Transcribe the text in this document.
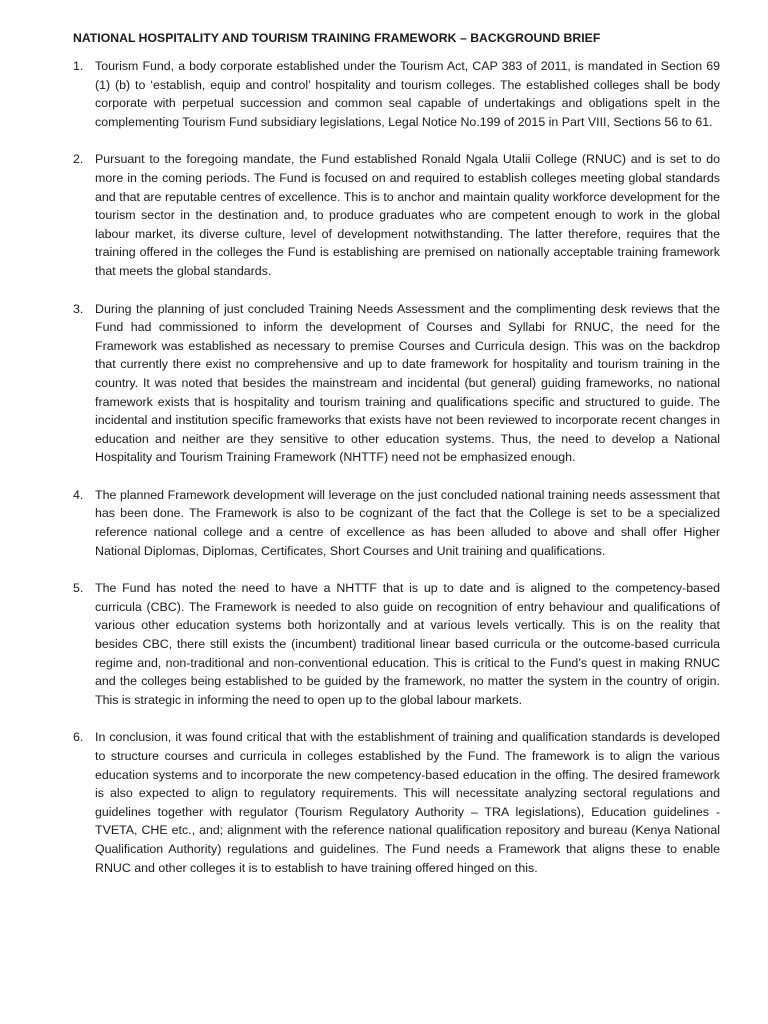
NATIONAL HOSPITALITY AND TOURISM TRAINING FRAMEWORK – BACKGROUND BRIEF
1. Tourism Fund, a body corporate established under the Tourism Act, CAP 383 of 2011, is mandated in Section 69 (1) (b) to ‘establish, equip and control’ hospitality and tourism colleges. The established colleges shall be body corporate with perpetual succession and common seal capable of undertakings and obligations spelt in the complementing Tourism Fund subsidiary legislations, Legal Notice No.199 of 2015 in Part VIII, Sections 56 to 61.
2. Pursuant to the foregoing mandate, the Fund established Ronald Ngala Utalii College (RNUC) and is set to do more in the coming periods. The Fund is focused on and required to establish colleges meeting global standards and that are reputable centres of excellence. This is to anchor and maintain quality workforce development for the tourism sector in the destination and, to produce graduates who are competent enough to work in the global labour market, its diverse culture, level of development notwithstanding. The latter therefore, requires that the training offered in the colleges the Fund is establishing are premised on nationally acceptable training framework that meets the global standards.
3. During the planning of just concluded Training Needs Assessment and the complimenting desk reviews that the Fund had commissioned to inform the development of Courses and Syllabi for RNUC, the need for the Framework was established as necessary to premise Courses and Curricula design. This was on the backdrop that currently there exist no comprehensive and up to date framework for hospitality and tourism training in the country. It was noted that besides the mainstream and incidental (but general) guiding frameworks, no national framework exists that is hospitality and tourism training and qualifications specific and structured to guide. The incidental and institution specific frameworks that exists have not been reviewed to incorporate recent changes in education and neither are they sensitive to other education systems. Thus, the need to develop a National Hospitality and Tourism Training Framework (NHTTF) need not be emphasized enough.
4. The planned Framework development will leverage on the just concluded national training needs assessment that has been done. The Framework is also to be cognizant of the fact that the College is set to be a specialized reference national college and a centre of excellence as has been alluded to above and shall offer Higher National Diplomas, Diplomas, Certificates, Short Courses and Unit training and qualifications.
5. The Fund has noted the need to have a NHTTF that is up to date and is aligned to the competency-based curricula (CBC). The Framework is needed to also guide on recognition of entry behaviour and qualifications of various other education systems both horizontally and at various levels vertically. This is on the reality that besides CBC, there still exists the (incumbent) traditional linear based curricula or the outcome-based curricula regime and, non-traditional and non-conventional education. This is critical to the Fund’s quest in making RNUC and the colleges being established to be guided by the framework, no matter the system in the country of origin. This is strategic in informing the need to open up to the global labour markets.
6. In conclusion, it was found critical that with the establishment of training and qualification standards is developed to structure courses and curricula in colleges established by the Fund. The framework is to align the various education systems and to incorporate the new competency-based education in the offing. The desired framework is also expected to align to regulatory requirements. This will necessitate analyzing sectoral regulations and guidelines together with regulator (Tourism Regulatory Authority – TRA legislations), Education guidelines - TVETA, CHE etc., and; alignment with the reference national qualification repository and bureau (Kenya National Qualification Authority) regulations and guidelines. The Fund needs a Framework that aligns these to enable RNUC and other colleges it is to establish to have training offered hinged on this.
